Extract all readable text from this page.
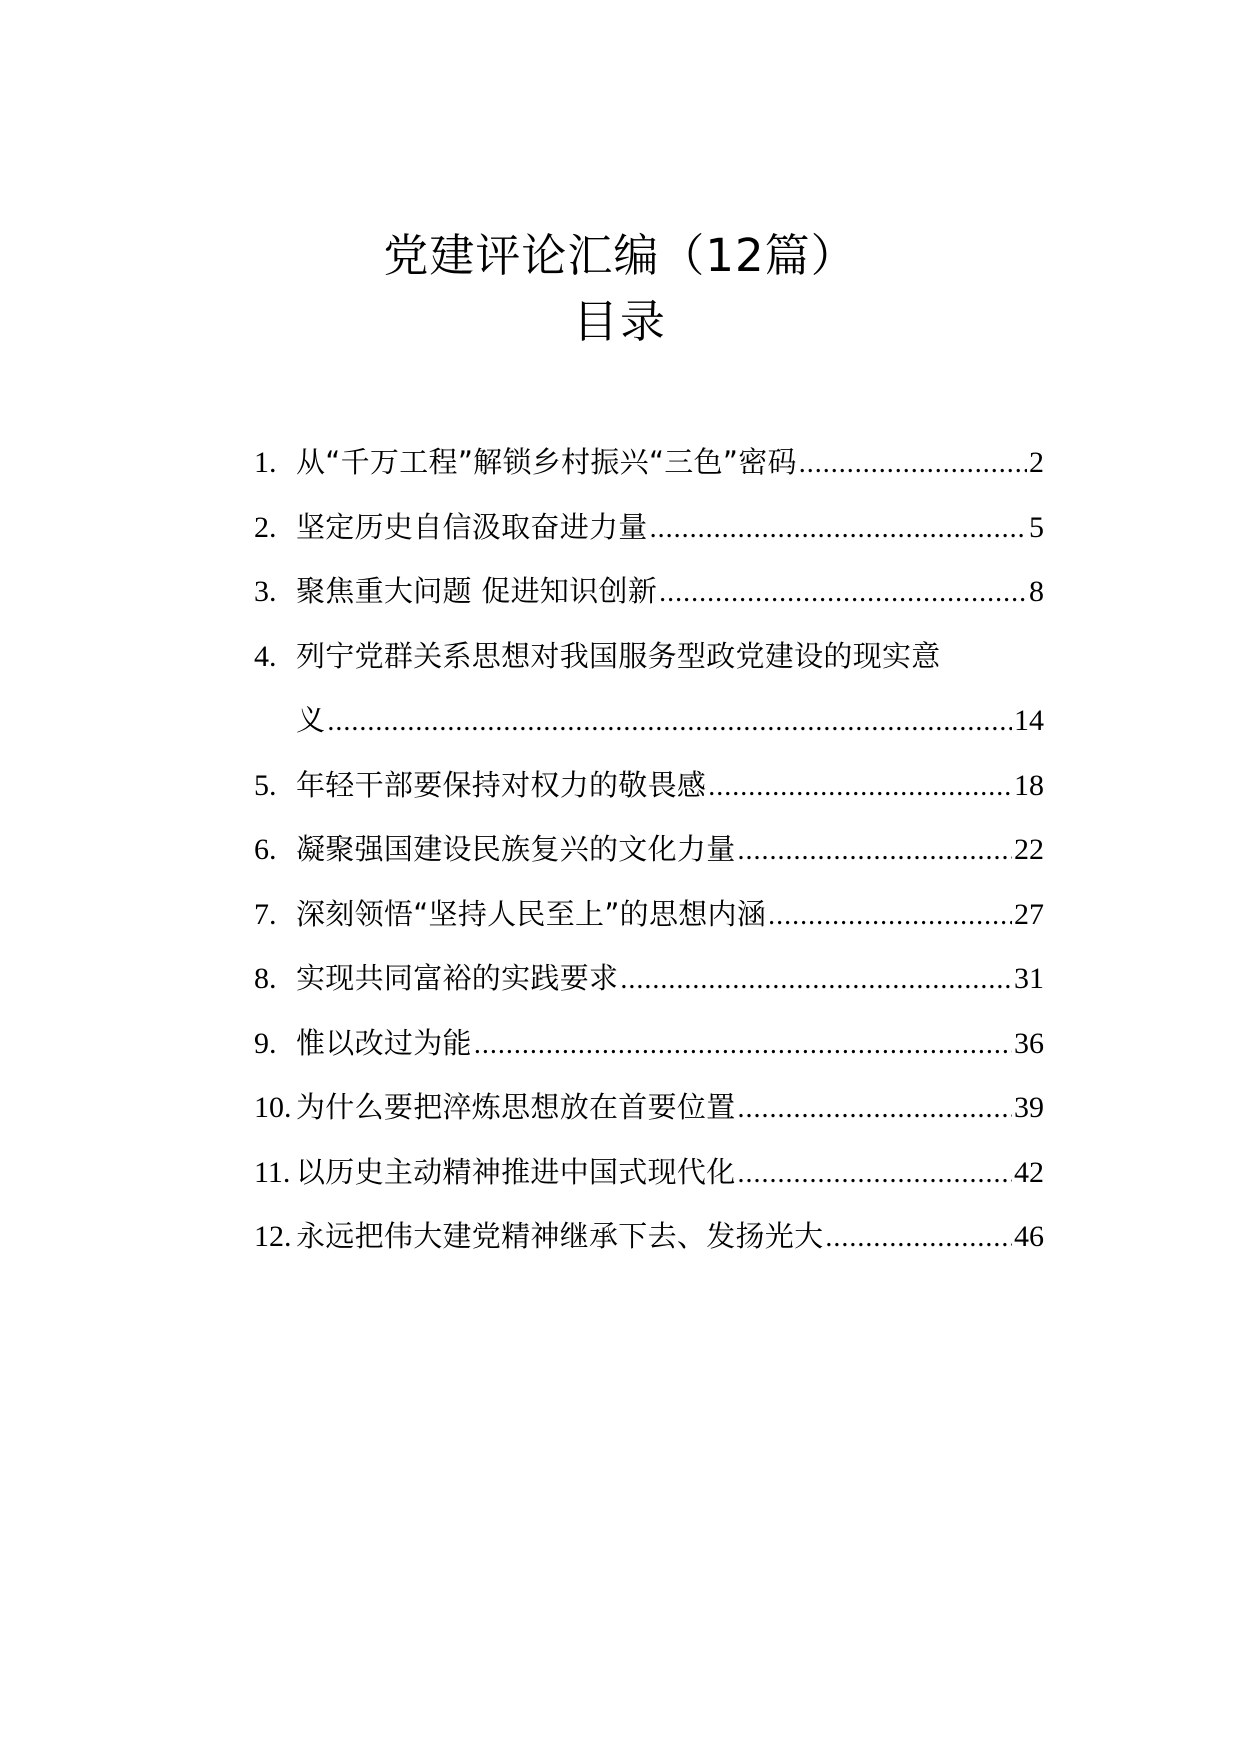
党建评论汇编（12篇）
目录
1. 从“千万工程”解锁乡村振兴“三色”密码 .....	2
2. 坚定历史自信汲取奋进力量 .....	5
3. 聚焦重大问题 促进知识创新 .....	8
4. 列宁党群关系思想对我国服务型政党建设的现实意
义 .....	14
5. 年轻干部要保持对权力的敬畏感 .....	18
6. 凝聚强国建设民族复兴的文化力量 .....	22
7. 深刻领悟“坚持人民至上”的思想内涵 .....	27
8. 实现共同富裕的实践要求 .....	31
9. 惟以改过为能 .....	36
10. 为什么要把淬炼思想放在首要位置 .....	39
11. 以历史主动精神推进中国式现代化 .....	42
12. 永远把伟大建党精神继承下去、发扬光大 .....	46
